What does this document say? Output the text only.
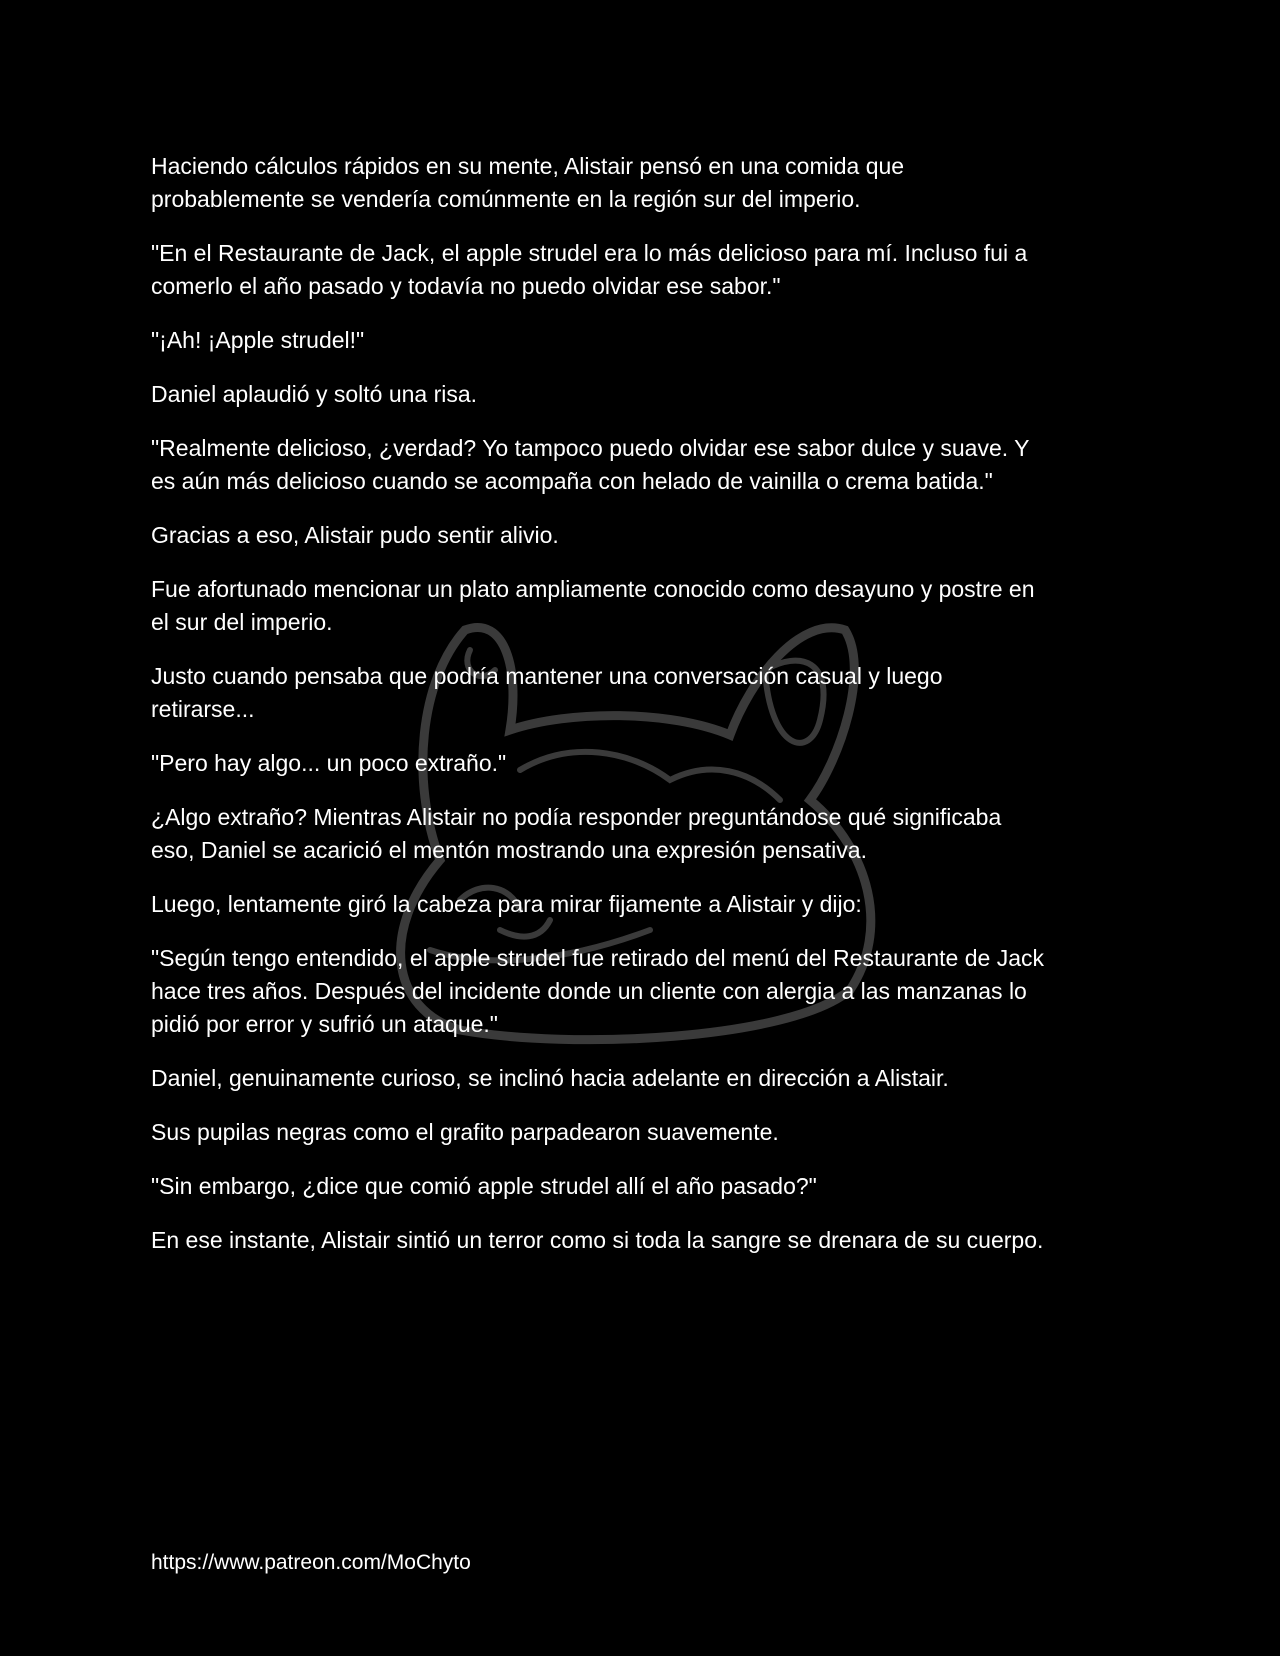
Haciendo cálculos rápidos en su mente, Alistair pensó en una comida que
probablemente se vendería comúnmente en la región sur del imperio.

"En el Restaurante de Jack, el apple strudel era lo más delicioso para mí. Incluso fui a
comerlo el año pasado y todavía no puedo olvidar ese sabor."

"¡Ah! ¡Apple strudel!"

Daniel aplaudió y soltó una risa.

"Realmente delicioso, ¿verdad? Yo tampoco puedo olvidar ese sabor dulce y suave. Y
es aún más delicioso cuando se acompaña con helado de vainilla o crema batida."

Gracias a eso, Alistair pudo sentir alivio.

Fue afortunado mencionar un plato ampliamente conocido como desayuno y postre en
el sur del imperio.

Justo cuando pensaba que podría mantener una conversación casual y luego
retirarse...

"Pero hay algo... un poco extraño."

¿Algo extraño? Mientras Alistair no podía responder preguntándose qué significaba
eso, Daniel se acarició el mentón mostrando una expresión pensativa.

Luego, lentamente giró la cabeza para mirar fijamente a Alistair y dijo:

"Según tengo entendido, el apple strudel fue retirado del menú del Restaurante de Jack
hace tres años. Después del incidente donde un cliente con alergia a las manzanas lo
pidió por error y sufrió un ataque."

Daniel, genuinamente curioso, se inclinó hacia adelante en dirección a Alistair.

Sus pupilas negras como el grafito parpadearon suavemente.

"Sin embargo, ¿dice que comió apple strudel allí el año pasado?"

En ese instante, Alistair sintió un terror como si toda la sangre se drenara de su cuerpo.

https://www.patreon.com/MoChyto
